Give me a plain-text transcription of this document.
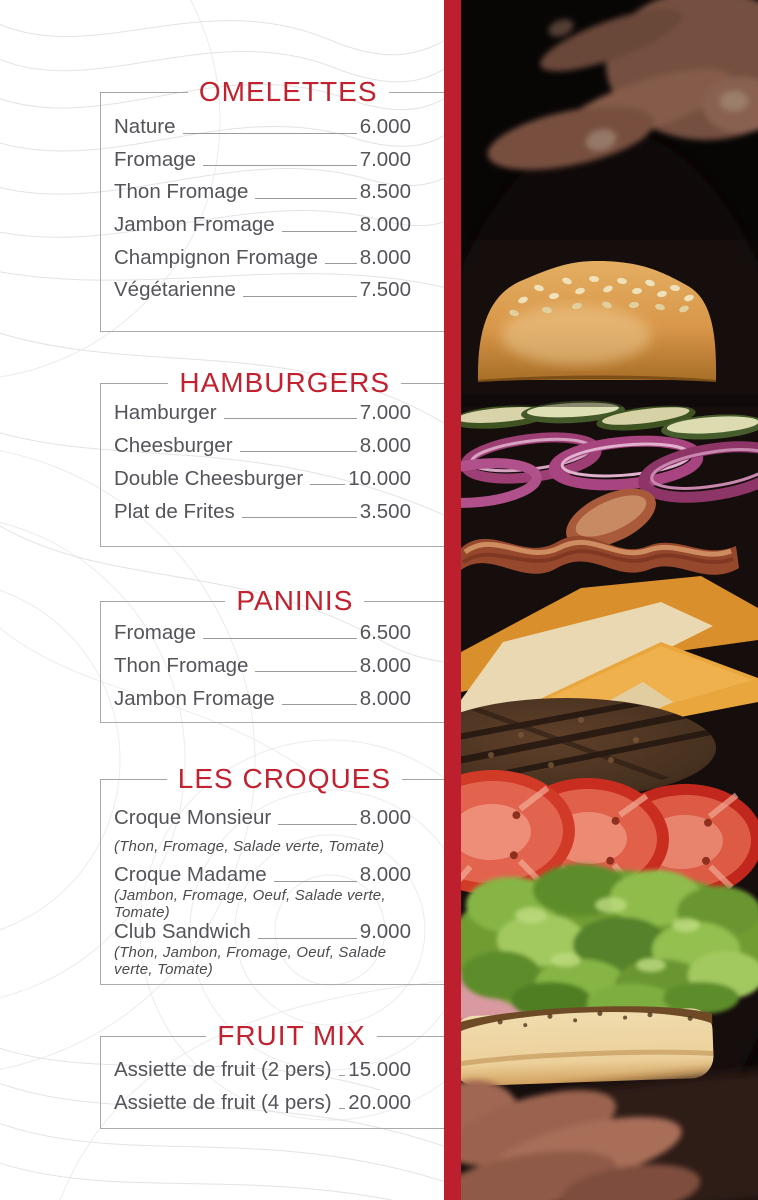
OMELETTES
Nature	6.000
Fromage	7.000
Thon Fromage	8.500
Jambon Fromage	8.000
Champignon Fromage 8.000
Végétarienne	7.500
HAMBURGERS
Hamburger	7.000
Cheesburger	8.000
Double Cheesburger 10.000
Plat de Frites	3.500
PANINIS
Fromage	6.500
Thon Fromage	8.000
Jambon Fromage	8.000
LES CROQUES
Croque Monsieur	8.000
(Thon, Fromage, Salade verte, Tomate)
Croque Madame	8.000
(Jambon, Fromage, Oeuf, Salade verte, Tomate)
Club Sandwich	9.000
(Thon, Jambon, Fromage, Oeuf, Salade verte, Tomate)
FRUIT MIX
Assiette de fruit (2 pers) 15.000
Assiette de fruit (4 pers) 20.000
